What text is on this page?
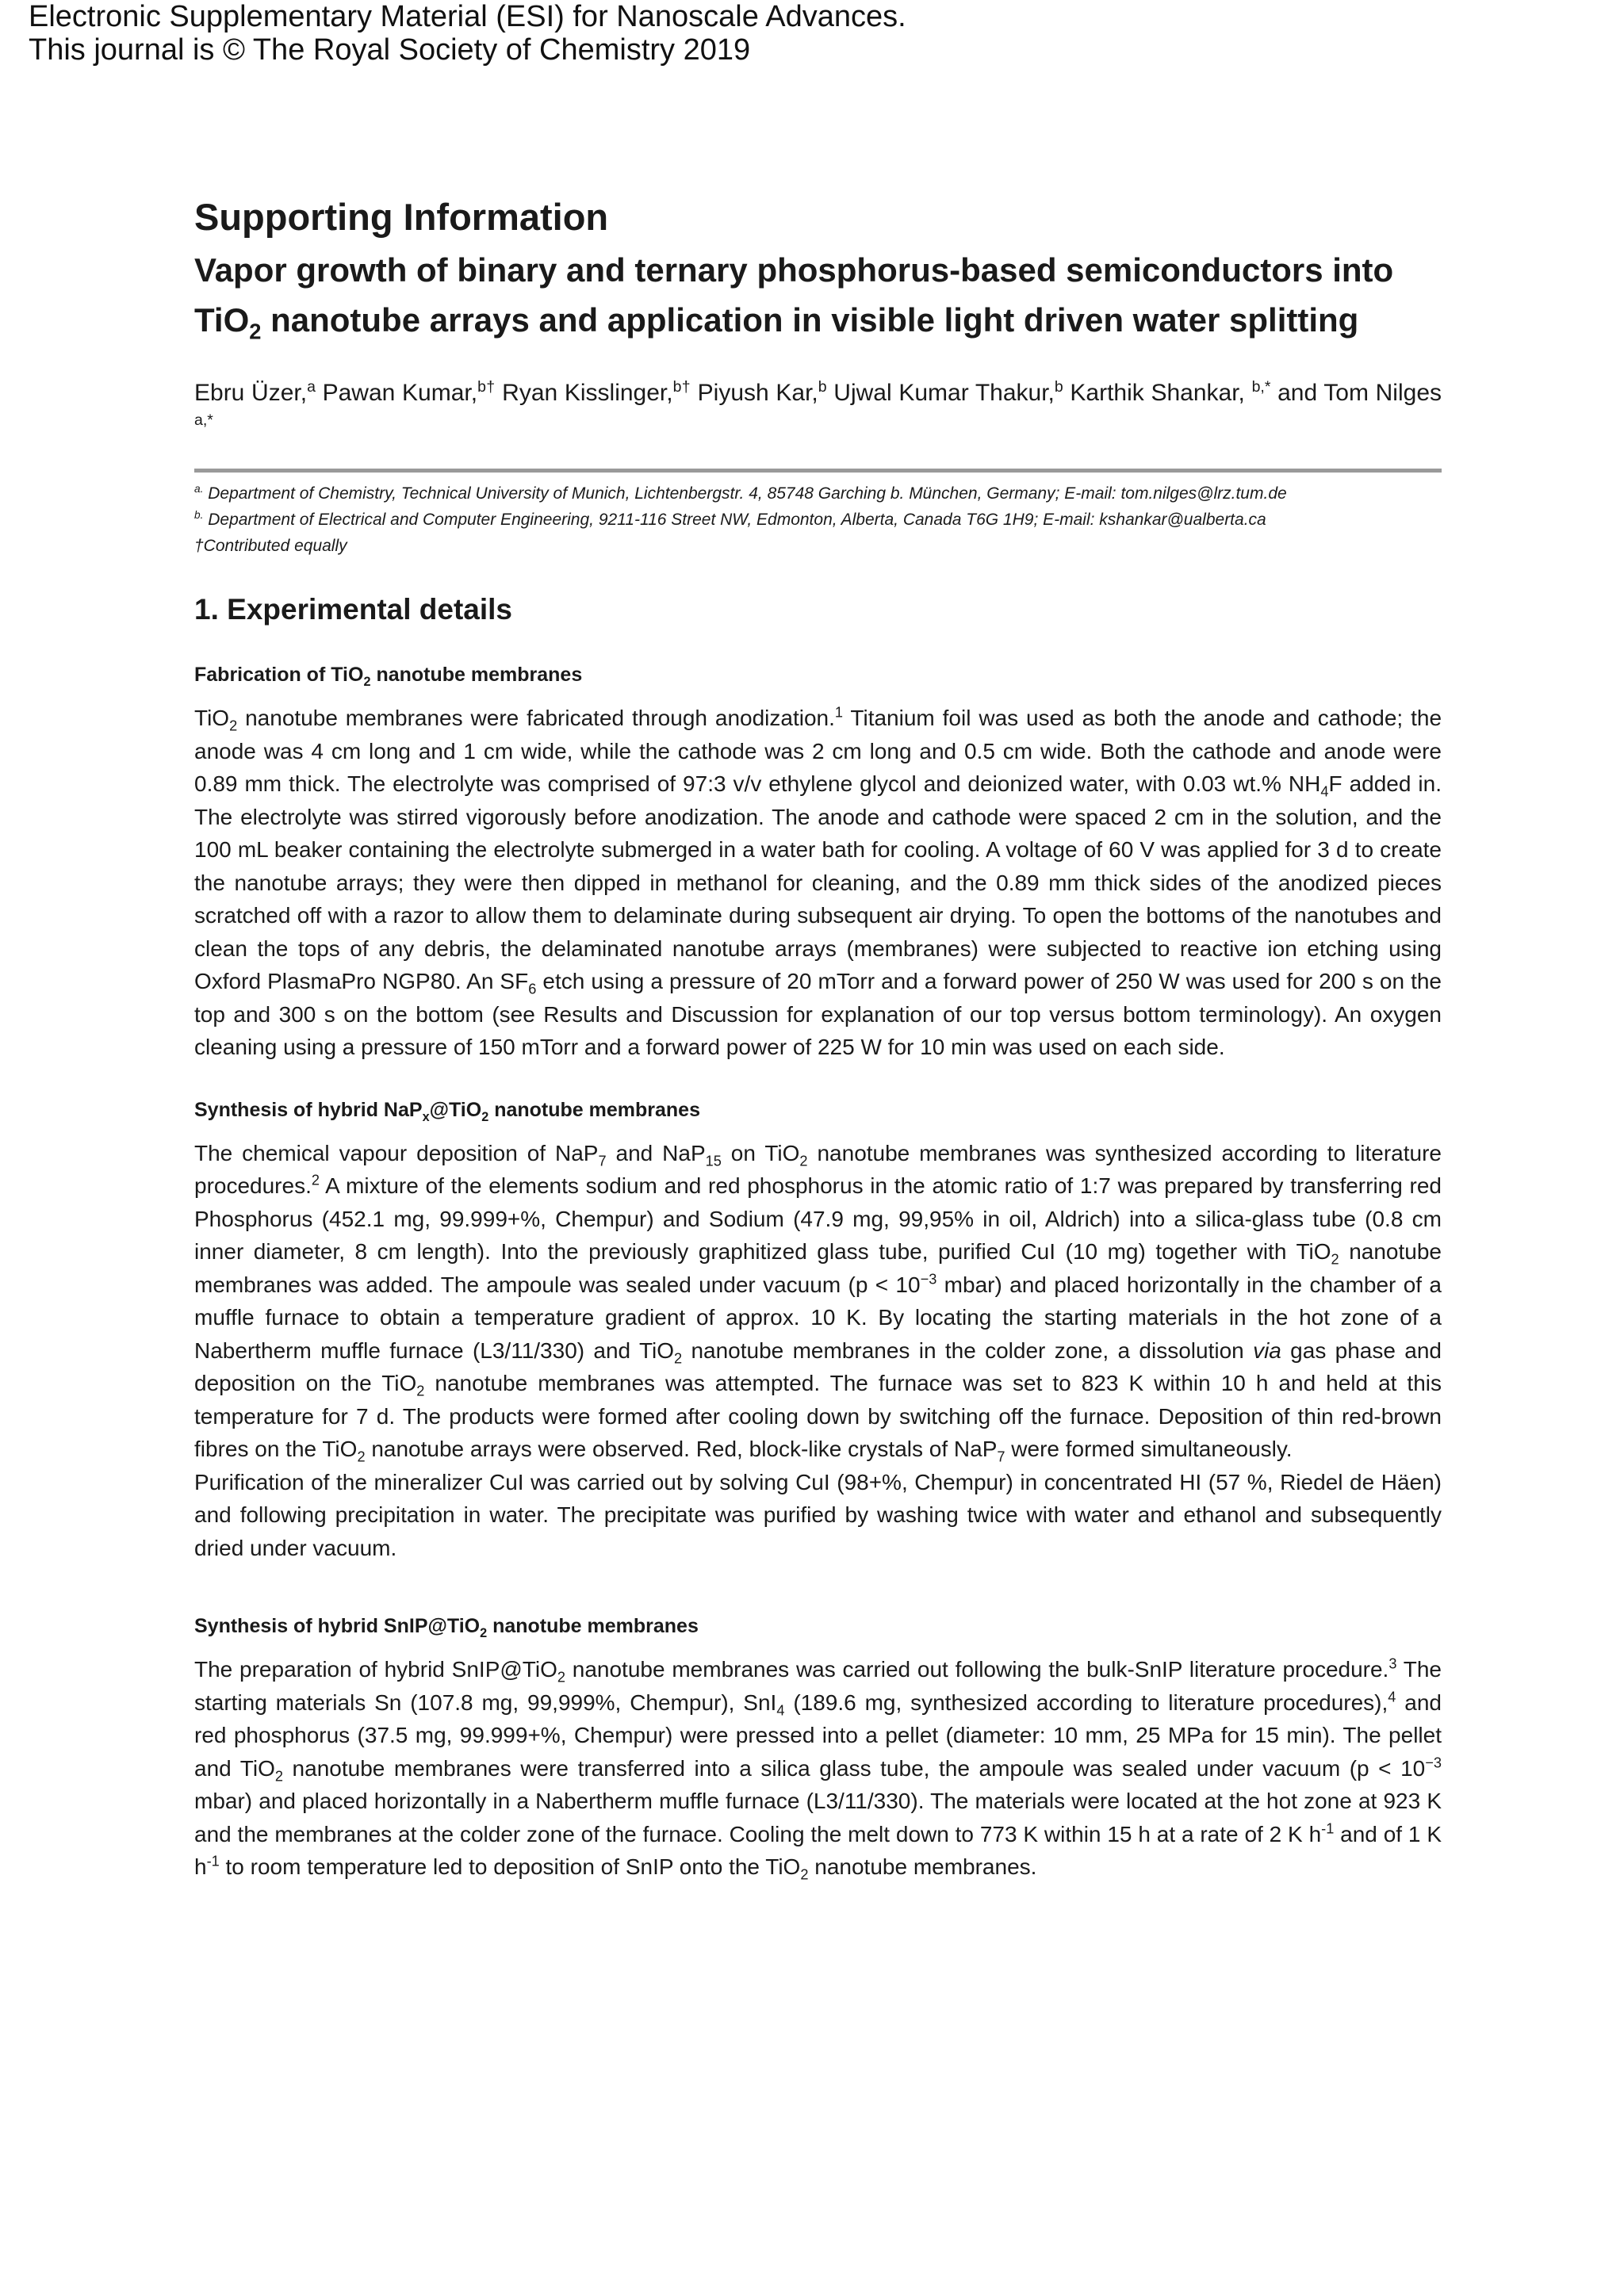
Electronic Supplementary Material (ESI) for Nanoscale Advances.
This journal is © The Royal Society of Chemistry 2019
Supporting Information
Vapor growth of binary and ternary phosphorus-based semiconductors into TiO$_2$ nanotube arrays and application in visible light driven water splitting

Ebru Üzer,$^a$ Pawan Kumar,$^{b\dagger}$ Ryan Kisslinger,$^{b\dagger}$ Piyush Kar,$^b$ Ujwal Kumar Thakur,$^b$ Karthik Shankar, $^{b,*}$ and Tom Nilges $^{a,*}$

$^{a.}$ Department of Chemistry, Technical University of Munich, Lichtenbergstr. 4, 85748 Garching b. München, Germany; E-mail: tom.nilges@lrz.tum.de
$^{b.}$ Department of Electrical and Computer Engineering, 9211-116 Street NW, Edmonton, Alberta, Canada T6G 1H9; E-mail: kshankar@ualberta.ca
†Contributed equally
1. Experimental details
Fabrication of TiO$_2$ nanotube membranes

TiO$_2$ nanotube membranes were fabricated through anodization.$^1$ Titanium foil was used as both the anode and cathode; the anode was 4 cm long and 1 cm wide, while the cathode was 2 cm long and 0.5 cm wide. Both the cathode and anode were 0.89 mm thick. The electrolyte was comprised of 97:3 v/v ethylene glycol and deionized water, with 0.03 wt.% $NH_4F$ added in. The electrolyte was stirred vigorously before anodization. The anode and cathode were spaced 2 cm in the solution, and the 100 mL beaker containing the electrolyte submerged in a water bath for cooling. A voltage of 60 V was applied for 3 d to create the nanotube arrays; they were then dipped in methanol for cleaning, and the 0.89 mm thick sides of the anodized pieces scratched off with a razor to allow them to delaminate during subsequent air drying. To open the bottoms of the nanotubes and clean the tops of any debris, the delaminated nanotube arrays (membranes) were subjected to reactive ion etching using Oxford PlasmaPro NGP80. An $SF_6$ etch using a pressure of 20 mTorr and a forward power of 250 W was used for 200 s on the top and 300 s on the bottom (see Results and Discussion for explanation of our top versus bottom terminology). An oxygen cleaning using a pressure of 150 mTorr and a forward power of 225 W for 10 min was used on each side.

Synthesis of hybrid NaP$_x$@TiO$_2$ nanotube membranes

The chemical vapour deposition of NaP$_7$ and NaP$_{15}$ on TiO$_2$ nanotube membranes was synthesized according to literature procedures.$^2$ A mixture of the elements sodium and red phosphorus in the atomic ratio of 1:7 was prepared by transferring red Phosphorus (452.1 mg, 99.999+%, Chempur) and Sodium (47.9 mg, 99,95% in oil, Aldrich) into a silica-glass tube (0.8 cm inner diameter, 8 cm length). Into the previously graphitized glass tube, purified CuI (10 mg) together with TiO$_2$ nanotube membranes was added. The ampoule was sealed under vacuum ($p < 10^{-3}$ mbar) and placed horizontally in the chamber of a muffle furnace to obtain a temperature gradient of approx. 10 K. By locating the starting materials in the hot zone of a Nabertherm muffle furnace (L3/11/330) and TiO$_2$ nanotube membranes in the colder zone, a dissolution via gas phase and deposition on the TiO$_2$ nanotube membranes was attempted. The furnace was set to 823 K within 10 h and held at this temperature for 7 d. The products were formed after cooling down by switching off the furnace. Deposition of thin red-brown fibres on the TiO$_2$ nanotube arrays were observed. Red, block-like crystals of NaP$_7$ were formed simultaneously.

Purification of the mineralizer CuI was carried out by solving CuI (98+%, Chempur) in concentrated HI (57 %, Riedel de Häen) and following precipitation in water. The precipitate was purified by washing twice with water and ethanol and subsequently dried under vacuum.

Synthesis of hybrid SnIP@TiO$_2$ nanotube membranes

The preparation of hybrid SnIP@TiO$_2$ nanotube membranes was carried out following the bulk-SnIP literature procedure.$^3$ The starting materials Sn (107.8 mg, 99,999%, Chempur), SnI$_4$ (189.6 mg, synthesized according to literature procedures),$^4$ and red phosphorus (37.5 mg, 99.999+%, Chempur) were pressed into a pellet (diameter: 10 mm, 25 MPa for 15 min). The pellet and TiO$_2$ nanotube membranes were transferred into a silica glass tube, the ampoule was sealed under vacuum ($p < 10^{-3}$ mbar) and placed horizontally in a Nabertherm muffle furnace (L3/11/330). The materials were located at the hot zone at 923 K and the membranes at the colder zone of the furnace. Cooling the melt down to 773 K within 15 h at a rate of 2 K $h^{-1}$ and of 1 K $h^{-1}$ to room temperature led to deposition of SnIP onto the TiO$_2$ nanotube membranes.
